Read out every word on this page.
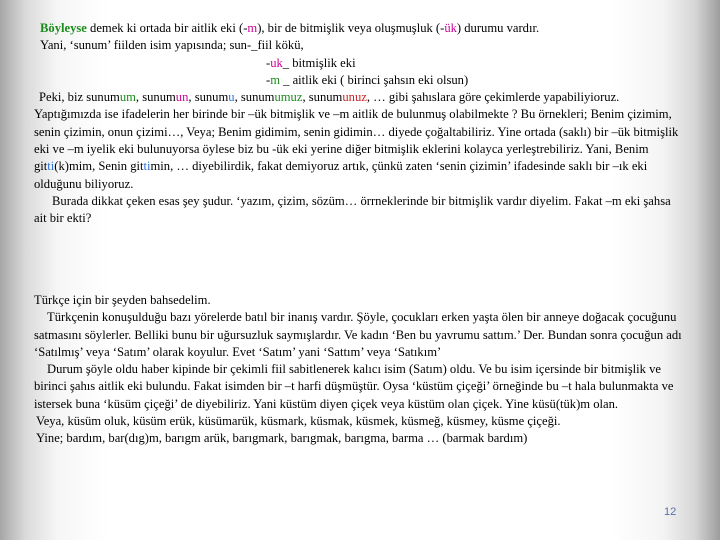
Böyleyse demek ki ortada bir aitlik eki (-m), bir de bitmişlik veya oluşmuşluk (-ük) durumu vardır.

Yani, ‘sunum’ fiilden isim yapısında; sun-_fiil kökü,

-uk_ bitmişlik eki

-m _ aitlik eki ( birinci şahsın eki olsun)

Peki, biz sunumum, sunumun, sunumu, sunumumuz, sunumunuz, … gibi şahıslara göre çekimlerde yapabiliyioruz. Yaptığımızda ise ifadelerin her birinde bir –ük bitmişlik ve –m aitlik de bulunmuş olabilmekte ? Bu örnekleri; Benim çizimim, senin çizimin, onun çizimi…, Veya; Benim gidimim, senin gidimin… diyede çoğaltabiliriz. Yine ortada (saklı) bir –ük bitmişlik eki ve –m iyelik eki bulunuyorsa öylese biz bu -ük eki yerine diğer bitmişlik eklerini kolayca yerleştrebiliriz. Yani, Benim gitti(k)mim, Senin gittimin, … diyebilirdik, fakat demiyoruz artık, çünkü zaten ‘senin çizimin’ ifadesinde saklı bir –ık eki olduğunu biliyoruz.

Burada dikkat çeken esas şey şudur. ‘yazım, çizim, sözüm… örrneklerinde bir bitmişlik vardır diyelim. Fakat –m eki şahsa ait bir ekti?

Türkçe için bir şeyden bahsedelim.

Türkçenin konuşulduğu bazı yörelerde batıl bir inanış vardır. Şöyle, çocukları erken yaşta ölen bir anneye doğacak çocuğunu satmasını söylerler. Belliki bunu bir uğursuzluk saymışlardır. Ve kadın ‘Ben bu yavrumu sattım.’ Der. Bundan sonra çocuğun adı ‘Satılmış’ veya ‘Satım’ olarak koyulur. Evet ‘Satım’ yani ‘Sattım’ veya ‘Satıkım’

Durum şöyle oldu haber kipinde bir çekimli fiil sabitlenerek kalıcı isim (Satım) oldu. Ve bu isim içersinde bir bitmişlik ve birinci şahıs aitlik eki bulundu. Fakat isimden bir –t harfi düşmüştür. Oysa ‘küstüm çiçeği’ örneğinde bu –t hala bulunmakta ve istersek buna ‘küsüm çiçeği’ de diyebiliriz. Yani küstüm diyen çiçek veya küstüm olan çiçek. Yine küsü(tük)m olan.

Veya, küsüm oluk, küsüm erük, küsümarük, küsmark, küsmak, küsmek, küsmeğ, küsmey, küsme çiçeği.

Yine; bardım, bar(dıg)m, barıgm arük, barıgmark, barıgmak, barıgma, barma … (barmak bardım)

12
